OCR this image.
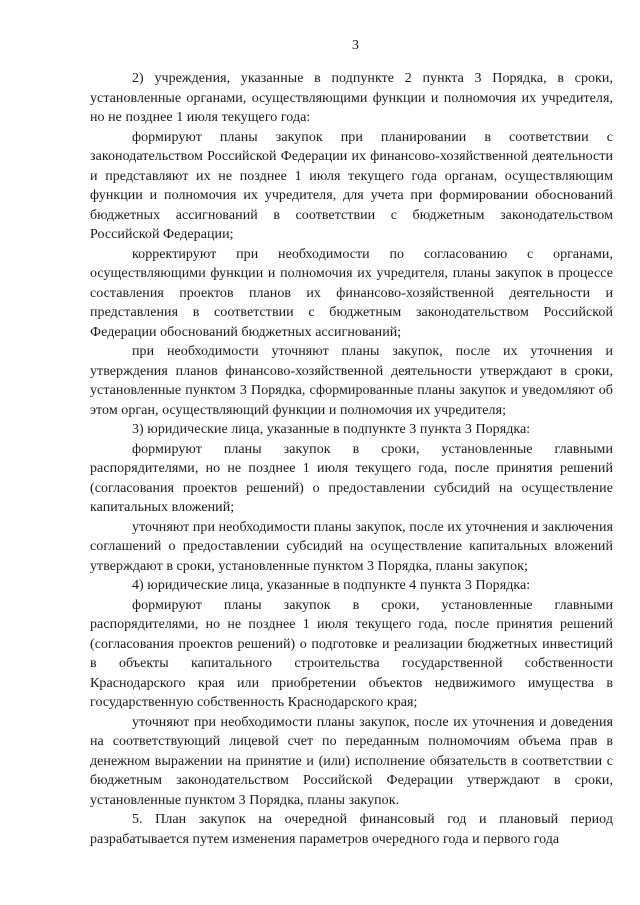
3

2) учреждения, указанные в подпункте 2 пункта 3 Порядка, в сроки, установленные органами, осуществляющими функции и полномочия их учредителя, но не позднее 1 июля текущего года:

формируют планы закупок при планировании в соответствии с законодательством Российской Федерации их финансово-хозяйственной деятельности и представляют их не позднее 1 июля текущего года органам, осуществляющим функции и полномочия их учредителя, для учета при формировании обоснований бюджетных ассигнований в соответствии с бюджетным законодательством Российской Федерации;

корректируют при необходимости по согласованию с органами, осуществляющими функции и полномочия их учредителя, планы закупок в процессе составления проектов планов их финансово-хозяйственной деятельности и представления в соответствии с бюджетным законодательством Российской Федерации обоснований бюджетных ассигнований;

при необходимости уточняют планы закупок, после их уточнения и утверждения планов финансово-хозяйственной деятельности утверждают в сроки, установленные пунктом 3 Порядка, сформированные планы закупок и уведомляют об этом орган, осуществляющий функции и полномочия их учредителя;

3) юридические лица, указанные в подпункте 3 пункта 3 Порядка:

формируют планы закупок в сроки, установленные главными распорядителями, но не позднее 1 июля текущего года, после принятия решений (согласования проектов решений) о предоставлении субсидий на осуществление капитальных вложений;

уточняют при необходимости планы закупок, после их уточнения и заключения соглашений о предоставлении субсидий на осуществление капитальных вложений утверждают в сроки, установленные пунктом 3 Порядка, планы закупок;

4) юридические лица, указанные в подпункте 4 пункта 3 Порядка:

формируют планы закупок в сроки, установленные главными распорядителями, но не позднее 1 июля текущего года, после принятия решений (согласования проектов решений) о подготовке и реализации бюджетных инвестиций в объекты капитального строительства государственной собственности Краснодарского края или приобретении объектов недвижимого имущества в государственную собственность Краснодарского края;

уточняют при необходимости планы закупок, после их уточнения и доведения на соответствующий лицевой счет по переданным полномочиям объема прав в денежном выражении на принятие и (или) исполнение обязательств в соответствии с бюджетным законодательством Российской Федерации утверждают в сроки, установленные пунктом 3 Порядка, планы закупок.

5. План закупок на очередной финансовый год и плановый период разрабатывается путем изменения параметров очередного года и первого года
